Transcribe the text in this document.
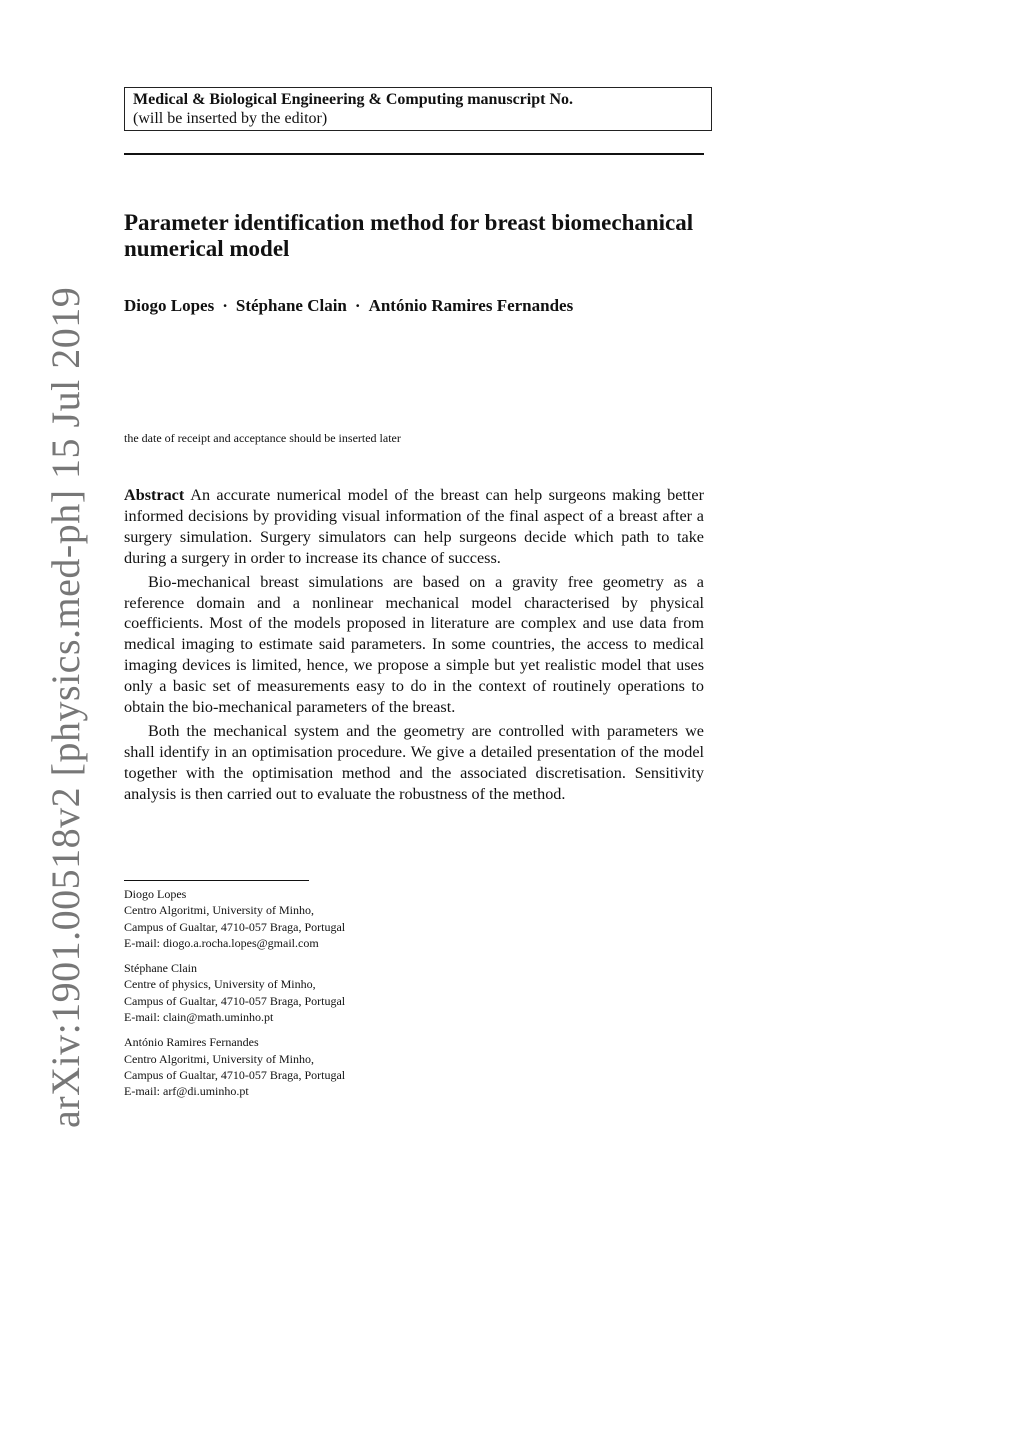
arXiv:1901.00518v2 [physics.med-ph] 15 Jul 2019
Medical & Biological Engineering & Computing manuscript No.
(will be inserted by the editor)
Parameter identification method for breast biomechanical numerical model
Diogo Lopes · Stéphane Clain · António Ramires Fernandes
the date of receipt and acceptance should be inserted later

Abstract An accurate numerical model of the breast can help surgeons making better informed decisions by providing visual information of the final aspect of a breast after a surgery simulation. Surgery simulators can help surgeons decide which path to take during a surgery in order to increase its chance of success.

Bio-mechanical breast simulations are based on a gravity free geometry as a reference domain and a nonlinear mechanical model characterised by physical coefficients. Most of the models proposed in literature are complex and use data from medical imaging to estimate said parameters. In some countries, the access to medical imaging devices is limited, hence, we propose a simple but yet realistic model that uses only a basic set of measurements easy to do in the context of routinely operations to obtain the bio-mechanical parameters of the breast.

Both the mechanical system and the geometry are controlled with parameters we shall identify in an optimisation procedure. We give a detailed presentation of the model together with the optimisation method and the associated discretisation. Sensitivity analysis is then carried out to evaluate the robustness of the method.

Diogo Lopes
Centro Algoritmi, University of Minho,
Campus of Gualtar, 4710-057 Braga, Portugal
E-mail: diogo.a.rocha.lopes@gmail.com
Stéphane Clain
Centre of physics, University of Minho,
Campus of Gualtar, 4710-057 Braga, Portugal
E-mail: clain@math.uminho.pt
António Ramires Fernandes
Centro Algoritmi, University of Minho,
Campus of Gualtar, 4710-057 Braga, Portugal
E-mail: arf@di.uminho.pt
